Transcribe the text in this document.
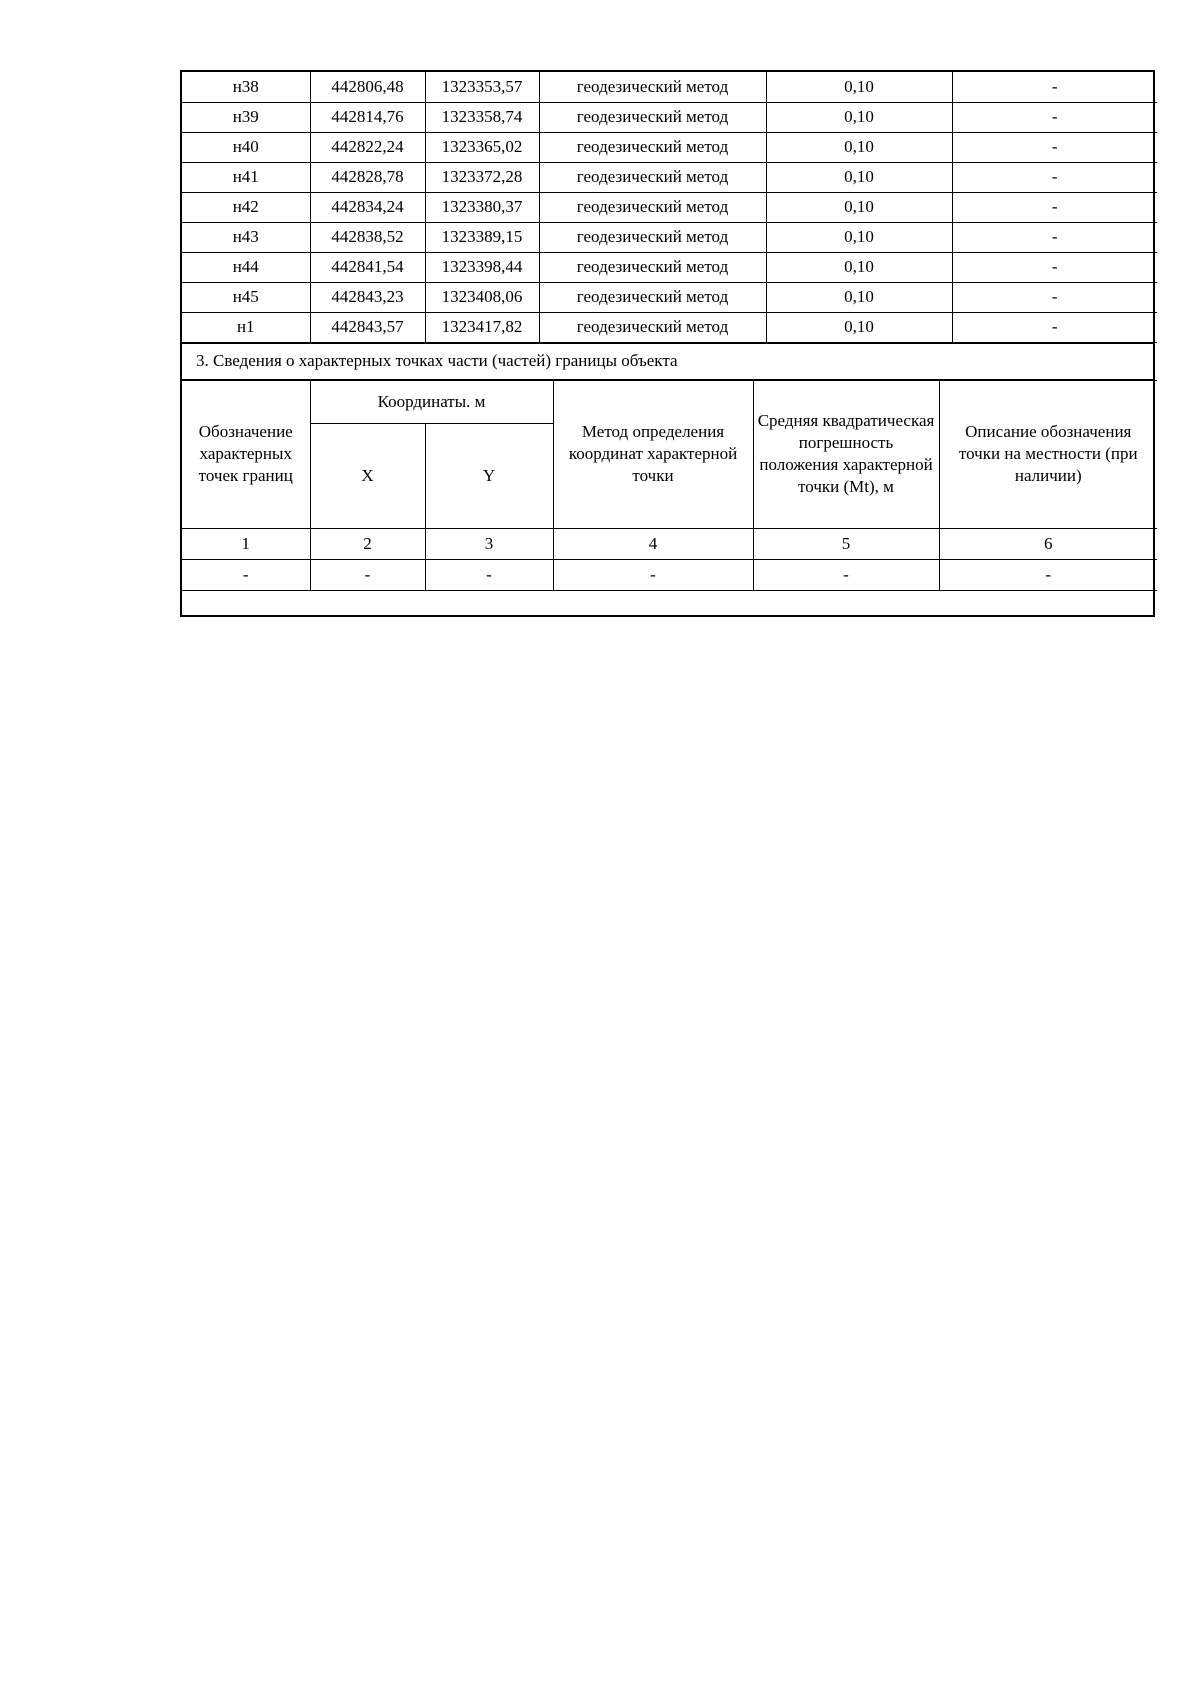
н38	442806,48	1323353,57	геодезический метод	0,10	-
н39	442814,76	1323358,74	геодезический метод	0,10	-
н40	442822,24	1323365,02	геодезический метод	0,10	-
н41	442828,78	1323372,28	геодезический метод	0,10	-
н42	442834,24	1323380,37	геодезический метод	0,10	-
н43	442838,52	1323389,15	геодезический метод	0,10	-
н44	442841,54	1323398,44	геодезический метод	0,10	-
н45	442843,23	1323408,06	геодезический метод	0,10	-
н1	442843,57	1323417,82	геодезический метод	0,10	-
3. Сведения о характерных точках части (частей) границы объекта
Обозначение характерных точек границ	Координаты. м		Метод определения координат характерной точки	Средняя квадратическая погрешность положения характерной точки (Mt), м	Описание обозначения точки на местности (при наличии)
	X	Y			
1	2	3	4	5	6
-	-	-	-	-	-
